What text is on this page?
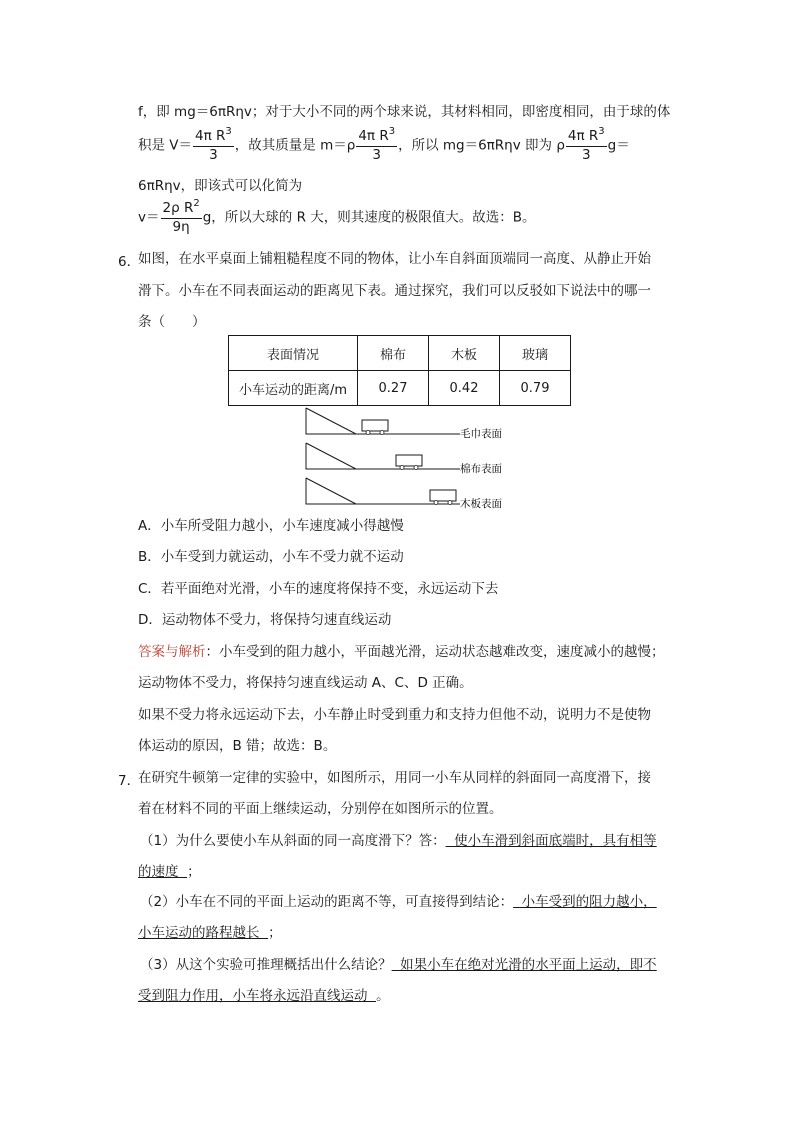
f，即 mg＝6πRηv；对于大小不同的两个球来说，其材料相同，即密度相同，由于球的体
积是 $V= \frac{4\pi R^3}{3}$ ，故其质量是 $m=\rho \frac{4\pi R^3}{3}$ ，所以 mg＝6πRηv 即为 ρ $\frac{4\pi R^3}{3} g=$
6πRηv，即该式可以化简为
$v= \frac{2\rho R^2}{9\eta}$ g，所以大球的 R 大，则其速度的极限值大。故选：B。
6．
如图，在水平桌面上铺粗糙程度不同的物体，让小车自斜面顶端同一高度、从静止开始
滑下。小车在不同表面运动的距离见下表。通过探究，我们可以反驳如下说法中的哪一
条（　　）
表面情况	棉布	木板	玻璃
小车运动的距离/m	0.27	0.42	0.79
毛巾表面
棉布表面
木板表面
A．小车所受阻力越小，小车速度减小得越慢
B．小车受到力就运动，小车不受力就不运动
C．若平面绝对光滑，小车的速度将保持不变，永远运动下去
D．运动物体不受力，将保持匀速直线运动
答案与解析：小车受到的阻力越小，平面越光滑，运动状态越难改变，速度减小的越慢；
运动物体不受力，将保持匀速直线运动 A、C、D 正确。
如果不受力将永远运动下去，小车静止时受到重力和支持力但他不动，说明力不是使物
体运动的原因，B 错；故选：B。
7．
在研究牛顿第一定律的实验中，如图所示，用同一小车从同样的斜面同一高度滑下，接
着在材料不同的平面上继续运动，分别停在如图所示的位置。
（1）为什么要使小车从斜面的同一高度滑下？答：  使小车滑到斜面底端时，具有相等
的速度  ；
（2）小车在不同的平面上运动的距离不等，可直接得到结论：  小车受到的阻力越小，
小车运动的路程越长  ；
（3）从这个实验可推理概括出什么结论？  如果小车在绝对光滑的水平面上运动，即不
受到阻力作用，小车将永远沿直线运动  。
